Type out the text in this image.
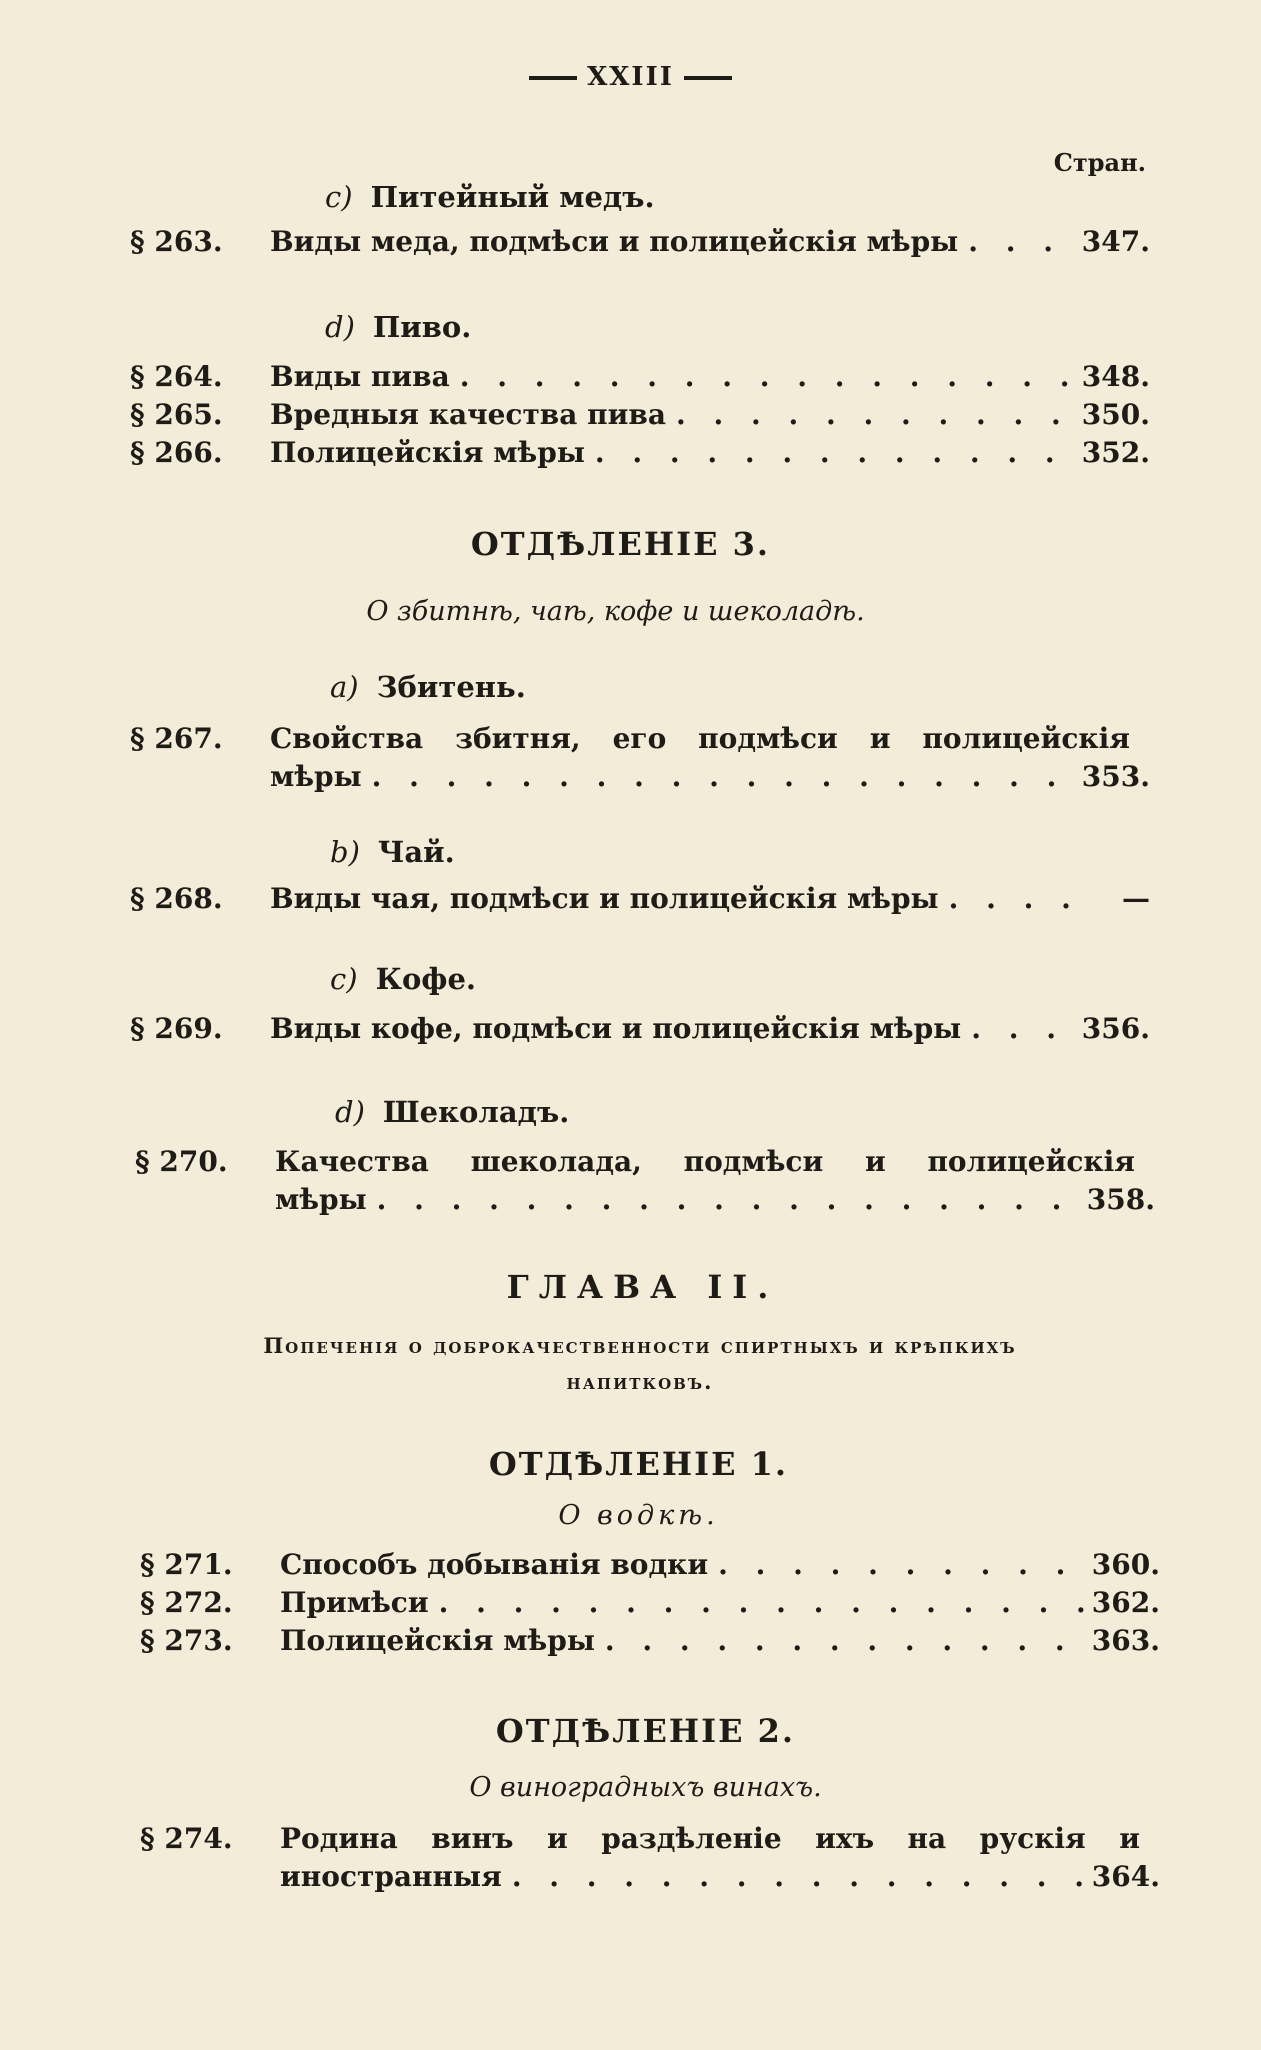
XXIII
Стран.
c) Питейный медъ.
§ 263.	Виды меда, подмѣси и полицейскія мѣры . . .	347.
d) Пиво.
§ 264.	Виды пива . . .	348.
§ 265.	Вредныя качества пива . . .	350.
§ 266.	Полицейскія мѣры . . .	352.
ОТДѢЛЕНІЕ 3.
О збитнѣ, чаѣ, кофе и шеколадѣ.
a) Збитень.
§ 267.	Свойства збитня, его подмѣси и полицейскія
мѣры . . .	353.
b) Чай.
§ 268.	Виды чая, подмѣси и полицейскія мѣры . . .	—
c) Кофе.
§ 269.	Виды кофе, подмѣси и полицейскія мѣры . . .	356.
d) Шеколадъ.
§ 270.	Качества шеколада, подмѣси и полицейскія
мѣры . . .	358.
ГЛАВА II.
Попеченія о доброкачественности спиртныхъ и крѣпкихъ напитковъ.
ОТДѢЛЕНІЕ 1.
О водкѣ.
§ 271.	Способъ добыванія водки . . .	360.
§ 272.	Примѣси . . .	362.
§ 273.	Полицейскія мѣры . . .	363.
ОТДѢЛЕНІЕ 2.
О виноградныхъ винахъ.
§ 274.	Родина винъ и раздѣленіе ихъ на рускія и
иностранныя . . .	364.
